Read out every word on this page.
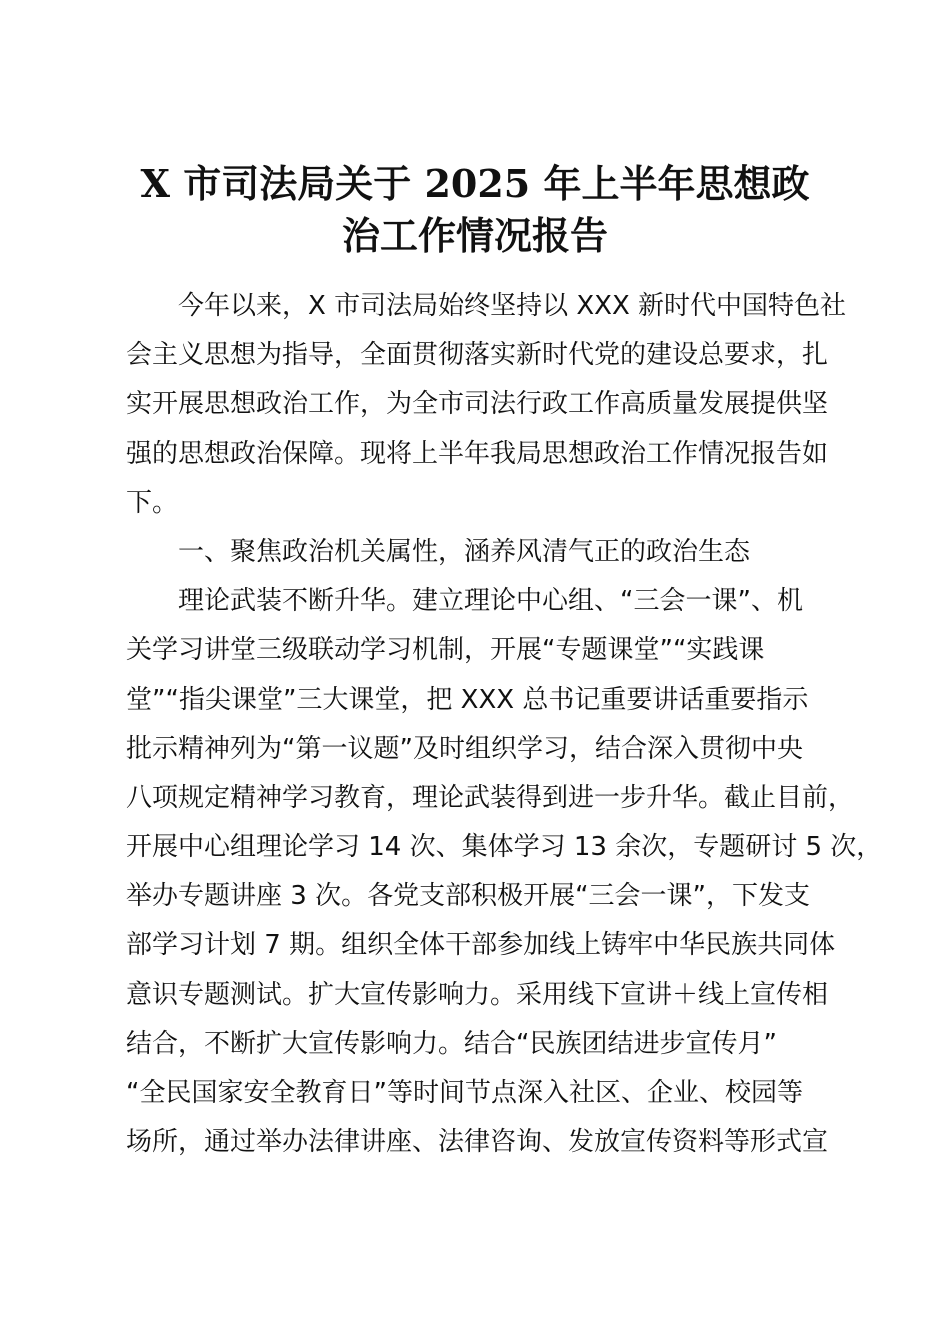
X 市司法局关于 2025 年上半年思想政
治工作情况报告
今年以来，X 市司法局始终坚持以 XXX 新时代中国特色社
会主义思想为指导，全面贯彻落实新时代党的建设总要求，扎
实开展思想政治工作，为全市司法行政工作高质量发展提供坚
强的思想政治保障。现将上半年我局思想政治工作情况报告如
下。
一、聚焦政治机关属性，涵养风清气正的政治生态
理论武装不断升华。建立理论中心组、“三会一课”、机
关学习讲堂三级联动学习机制，开展“专题课堂”“实践课
堂”“指尖课堂”三大课堂，把 XXX 总书记重要讲话重要指示
批示精神列为“第一议题”及时组织学习，结合深入贯彻中央
八项规定精神学习教育，理论武装得到进一步升华。截止目前，
开展中心组理论学习 14 次、集体学习 13 余次，专题研讨 5 次，
举办专题讲座 3 次。各党支部积极开展“三会一课”，下发支
部学习计划 7 期。组织全体干部参加线上铸牢中华民族共同体
意识专题测试。扩大宣传影响力。采用线下宣讲＋线上宣传相
结合，不断扩大宣传影响力。结合“民族团结进步宣传月”
“全民国家安全教育日”等时间节点深入社区、企业、校园等
场所，通过举办法律讲座、法律咨询、发放宣传资料等形式宣
